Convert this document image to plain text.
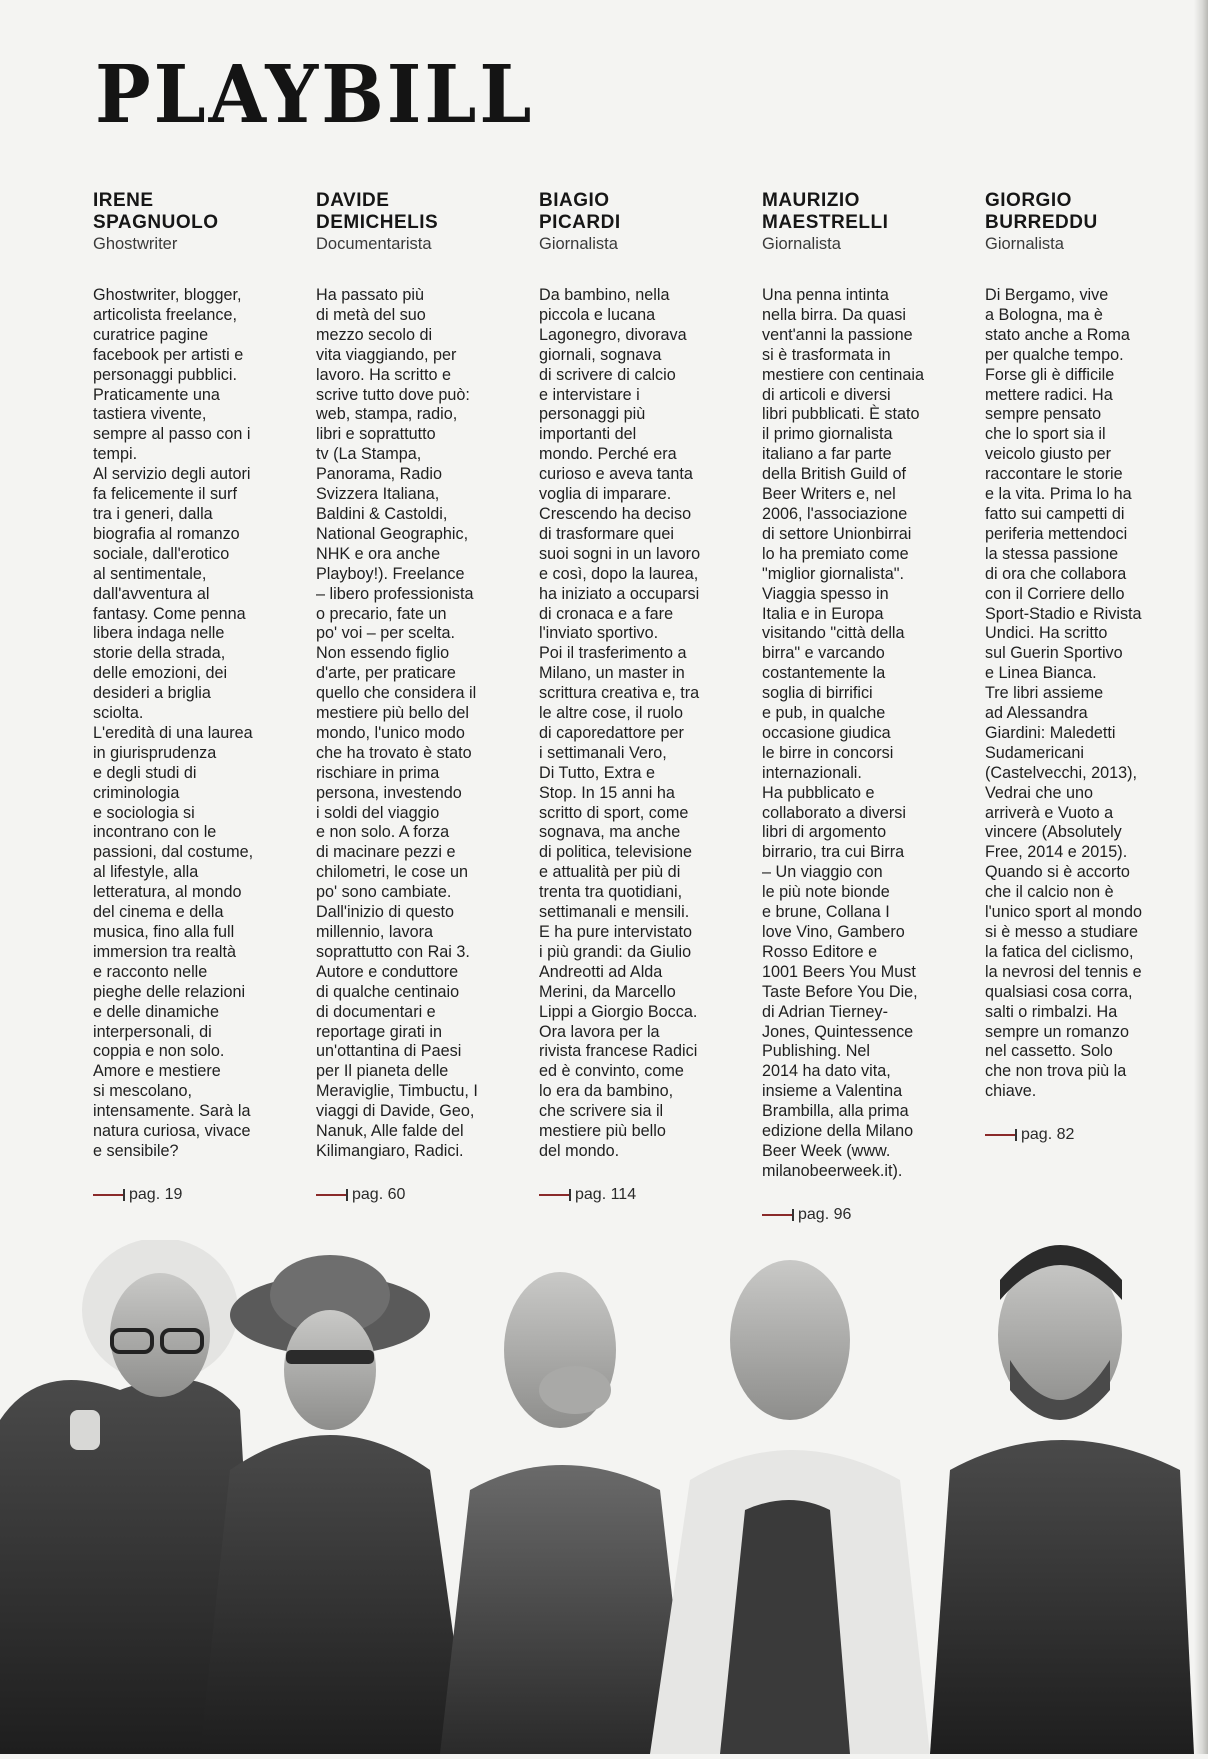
PLAYBILL
IRENE
SPAGNUOLO
Ghostwriter
Ghostwriter, blogger,
articolista freelance,
curatrice pagine
facebook per artisti e
personaggi pubblici.
Praticamente una
tastiera vivente,
sempre al passo con i
tempi.
Al servizio degli autori
fa felicemente il surf
tra i generi, dalla
biografia al romanzo
sociale, dall'erotico
al sentimentale,
dall'avventura al
fantasy. Come penna
libera indaga nelle
storie della strada,
delle emozioni, dei
desideri a briglia
sciolta.
L'eredità di una laurea
in giurisprudenza
e degli studi di
criminologia
e sociologia si
incontrano con le
passioni, dal costume,
al lifestyle, alla
letteratura, al mondo
del cinema e della
musica, fino alla full
immersion tra realtà
e racconto nelle
pieghe delle relazioni
e delle dinamiche
interpersonali, di
coppia e non solo.
Amore e mestiere
si mescolano,
intensamente. Sarà la
natura curiosa, vivace
e sensibile?
pag. 19
DAVIDE
DEMICHELIS
Documentarista
Ha passato più
di metà del suo
mezzo secolo di
vita viaggiando, per
lavoro. Ha scritto e
scrive tutto dove può:
web, stampa, radio,
libri e soprattutto
tv (La Stampa,
Panorama, Radio
Svizzera Italiana,
Baldini & Castoldi,
National Geographic,
NHK e ora anche
Playboy!). Freelance
– libero professionista
o precario, fate un
po' voi – per scelta.
Non essendo figlio
d'arte, per praticare
quello che considera il
mestiere più bello del
mondo, l'unico modo
che ha trovato è stato
rischiare in prima
persona, investendo
i soldi del viaggio
e non solo. A forza
di macinare pezzi e
chilometri, le cose un
po' sono cambiate.
Dall'inizio di questo
millennio, lavora
soprattutto con Rai 3.
Autore e conduttore
di qualche centinaio
di documentari e
reportage girati in
un'ottantina di Paesi
per Il pianeta delle
Meraviglie, Timbuctu, I
viaggi di Davide, Geo,
Nanuk, Alle falde del
Kilimangiaro, Radici.
pag. 60
BIAGIO
PICARDI
Giornalista
Da bambino, nella
piccola e lucana
Lagonegro, divorava
giornali, sognava
di scrivere di calcio
e intervistare i
personaggi più
importanti del
mondo. Perché era
curioso e aveva tanta
voglia di imparare.
Crescendo ha deciso
di trasformare quei
suoi sogni in un lavoro
e così, dopo la laurea,
ha iniziato a occuparsi
di cronaca e a fare
l'inviato sportivo.
Poi il trasferimento a
Milano, un master in
scrittura creativa e, tra
le altre cose, il ruolo
di caporedattore per
i settimanali Vero,
Di Tutto, Extra e
Stop. In 15 anni ha
scritto di sport, come
sognava, ma anche
di politica, televisione
e attualità per più di
trenta tra quotidiani,
settimanali e mensili.
E ha pure intervistato
i più grandi: da Giulio
Andreotti ad Alda
Merini, da Marcello
Lippi a Giorgio Bocca.
Ora lavora per la
rivista francese Radici
ed è convinto, come
lo era da bambino,
che scrivere sia il
mestiere più bello
del mondo.
pag. 114
MAURIZIO
MAESTRELLI
Giornalista
Una penna intinta
nella birra. Da quasi
vent'anni la passione
si è trasformata in
mestiere con centinaia
di articoli e diversi
libri pubblicati. È stato
il primo giornalista
italiano a far parte
della British Guild of
Beer Writers e, nel
2006, l'associazione
di settore Unionbirrai
lo ha premiato come
"miglior giornalista".
Viaggia spesso in
Italia e in Europa
visitando "città della
birra" e varcando
costantemente la
soglia di birrifici
e pub, in qualche
occasione giudica
le birre in concorsi
internazionali.
Ha pubblicato e
collaborato a diversi
libri di argomento
birrario, tra cui Birra
– Un viaggio con
le più note bionde
e brune, Collana I
love Vino, Gambero
Rosso Editore e
1001 Beers You Must
Taste Before You Die,
di Adrian Tierney-
Jones, Quintessence
Publishing. Nel
2014 ha dato vita,
insieme a Valentina
Brambilla, alla prima
edizione della Milano
Beer Week (www.
milanobeerweek.it).
pag. 96
GIORGIO
BURREDDU
Giornalista
Di Bergamo, vive
a Bologna, ma è
stato anche a Roma
per qualche tempo.
Forse gli è difficile
mettere radici. Ha
sempre pensato
che lo sport sia il
veicolo giusto per
raccontare le storie
e la vita. Prima lo ha
fatto sui campetti di
periferia mettendoci
la stessa passione
di ora che collabora
con il Corriere dello
Sport-Stadio e Rivista
Undici. Ha scritto
sul Guerin Sportivo
e Linea Bianca.
Tre libri assieme
ad Alessandra
Giardini: Maledetti
Sudamericani
(Castelvecchi, 2013),
Vedrai che uno
arriverà e Vuoto a
vincere (Absolutely
Free, 2014 e 2015).
Quando si è accorto
che il calcio non è
l'unico sport al mondo
si è messo a studiare
la fatica del ciclismo,
la nevrosi del tennis e
qualsiasi cosa corra,
salti o rimbalzi. Ha
sempre un romanzo
nel cassetto. Solo
che non trova più la
chiave.
pag. 82
